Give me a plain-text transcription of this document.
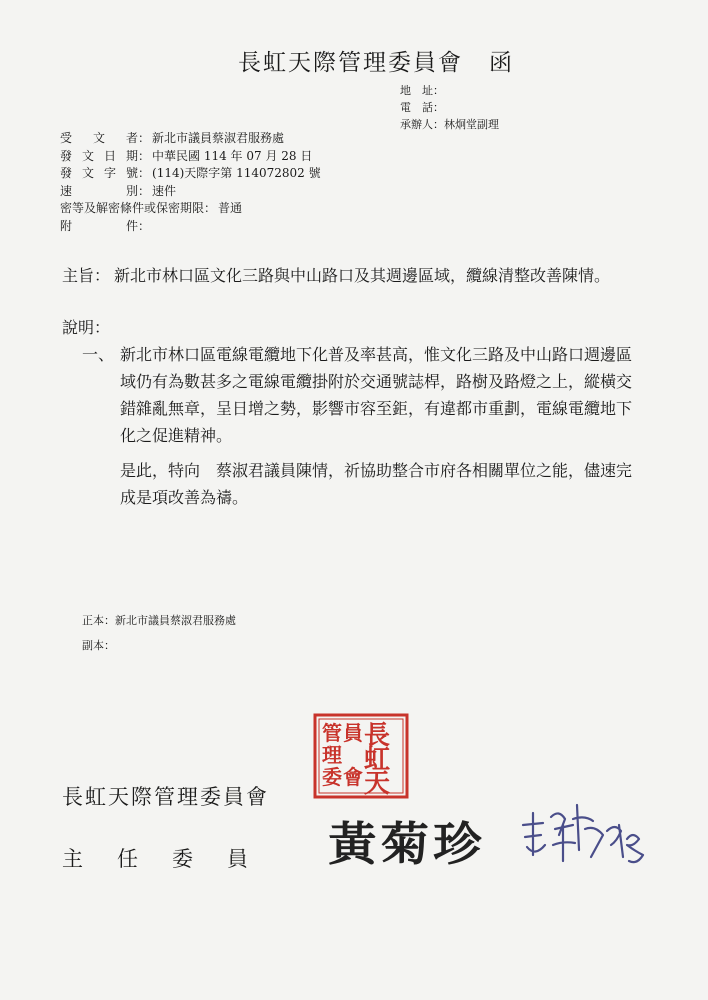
長虹天際管理委員會 函
地　址：
電　話：
承辦人： 林炯堂副理
受文者 ： 新北市議員蔡淑君服務處
發文日期 ： 中華民國 114 年 07 月 28 日
發文字號 ： (114)天際字第 114072802 號
速　別 ： 速件
密等及解密條件或保密期限 ： 普通
附　件 ：
主旨： 新北市林口區文化三路與中山路口及其週邊區域，纜線清整改善陳情。
說明：
一、 新北市林口區電線電纜地下化普及率甚高，惟文化三路及中山路口週邊區域仍有為數甚多之電線電纜掛附於交通號誌桿，路樹及路燈之上，縱橫交錯雜亂無章，呈日增之勢，影響市容至鉅，有違都市重劃，電線電纜地下化之促進精神。
是此，特向　蔡淑君議員陳情，祈協助整合市府各相關單位之能，儘速完成是項改善為禱。
正本：新北市議員蔡淑君服務處
副本：
長
虹
天
管
理
委
員
會
長虹天際管理委員會
主 任 委 員	黃菊珍
